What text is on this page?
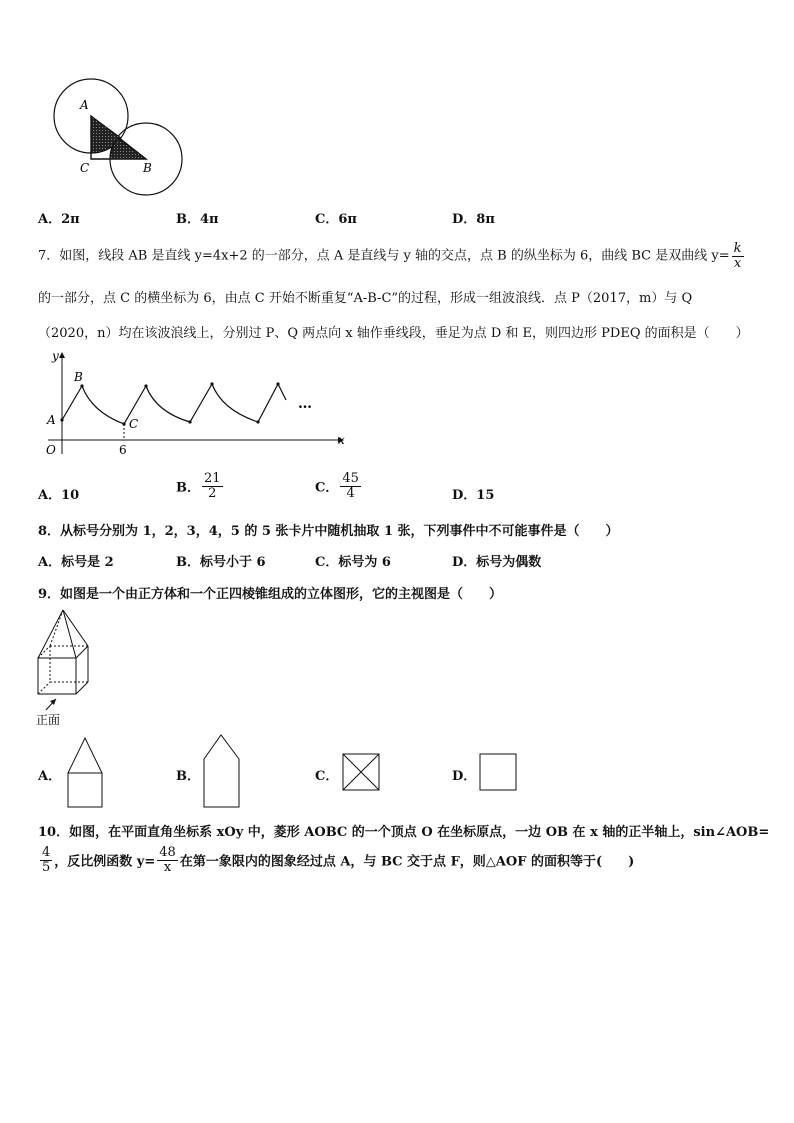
A
C	B
A．2π	B．4π	C．6π	D．8π
7．如图，线段 AB 是直线 y=4x+2 的一部分，点 A 是直线与 y 轴的交点，点 B 的纵坐标为 6，曲线 BC 是双曲线 $y= \frac{k}{x}$
的一部分，点 C 的横坐标为 6，由点 C 开始不断重复“A-B-C”的过程，形成一组波浪线．点 P（2017，m）与 Q
（2020，n）均在该波浪线上，分别过 P、Q 两点向 x 轴作垂线段，垂足为点 D 和 E，则四边形 PDEQ 的面积是（　　）
y
x
O
A
B
C
6
…
A．10	B． $\frac{21}{2}$	C． $\frac{45}{4}$	D．15
8．从标号分别为 1，2，3，4，5 的 5 张卡片中随机抽取 1 张，下列事件中不可能事件是（　　）
A．标号是 2	B．标号小于 6	C．标号为 6	D．标号为偶数
9．如图是一个由正方体和一个正四棱锥组成的立体图形，它的主视图是（　　）
正面
A．	B．	C．	D．
10．如图，在平面直角坐标系 xOy 中，菱形 AOBC 的一个顶点 O 在坐标原点，一边 OB 在 x 轴的正半轴上，sin∠AOB=
$\frac{4}{5}$ ，反比例函数 $y= \frac{48}{x}$ 在第一象限内的图象经过点 A，与 BC 交于点 F，则△AOF 的面积等于(　　)
